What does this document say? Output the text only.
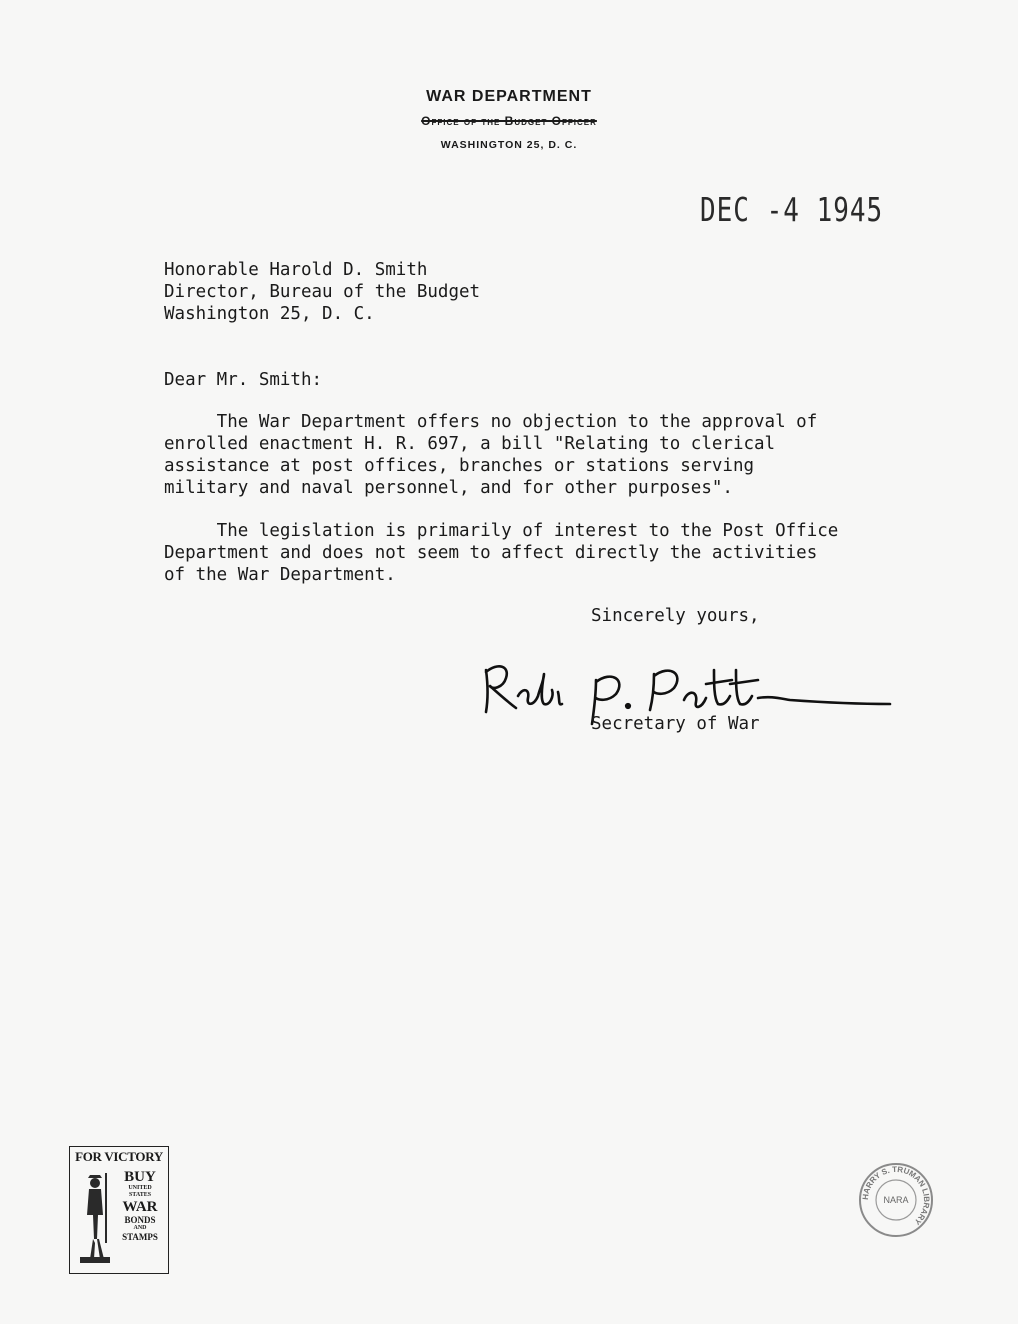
WAR DEPARTMENT
Office of the Budget Officer
WASHINGTON 25, D. C.
DEC -4 1945
Honorable Harold D. Smith
Director, Bureau of the Budget
Washington 25, D. C.
Dear Mr. Smith:
The War Department offers no objection to the approval of
enrolled enactment H. R. 697, a bill "Relating to clerical
assistance at post offices, branches or stations serving
military and naval personnel, and for other purposes".
The legislation is primarily of interest to the Post Office
Department and does not seem to affect directly the activities
of the War Department.
Sincerely yours,
Secretary of War
FOR VICTORY
BUY
UNITED
STATES
WAR
BONDS
AND
STAMPS
HARRY S. TRUMAN LIBRARY
NARA
